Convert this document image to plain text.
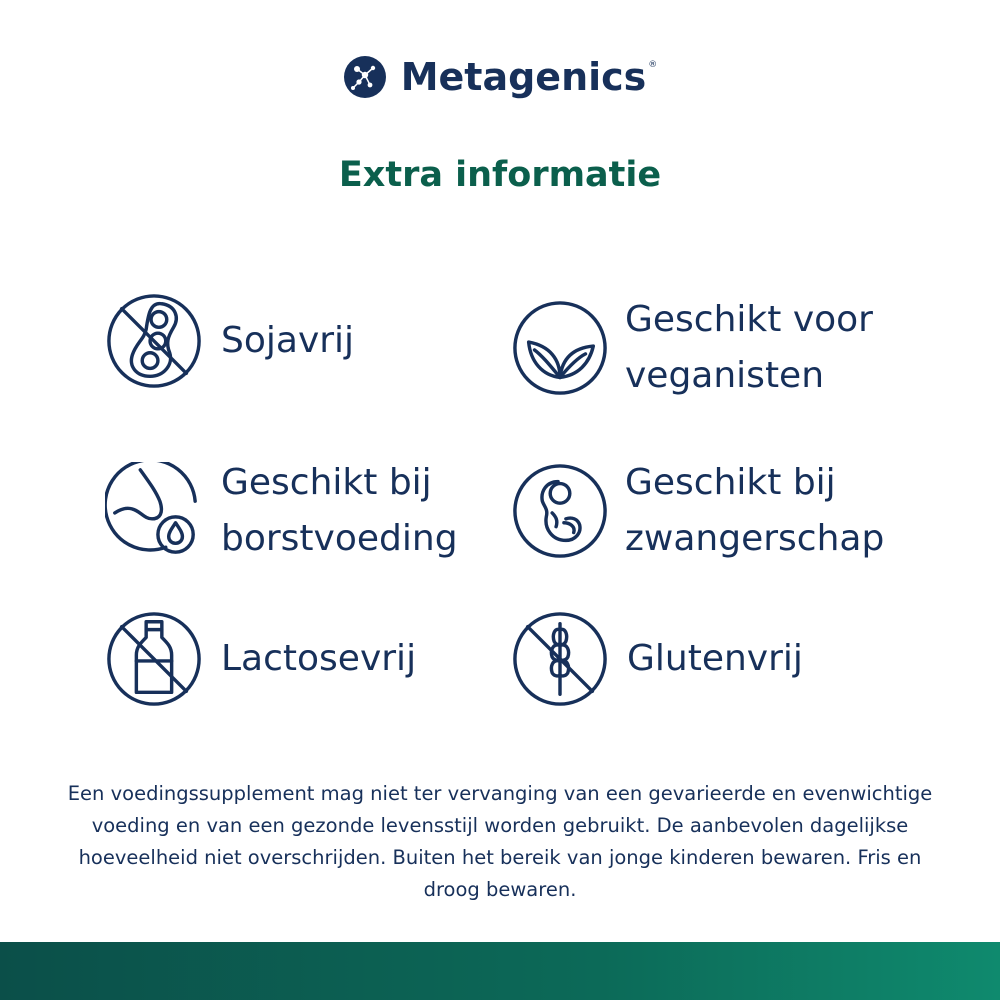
Metagenics ®
Extra informatie
Sojavrij
Geschikt voor
veganisten
Geschikt bij
borstvoeding
Geschikt bij
zwangerschap
Lactosevrij	Glutenvrij
Een voedingssupplement mag niet ter vervanging van een gevarieerde en evenwichtige voeding en van een gezonde levensstijl worden gebruikt. De aanbevolen dagelijkse hoeveelheid niet overschrijden. Buiten het bereik van jonge kinderen bewaren. Fris en droog bewaren.
